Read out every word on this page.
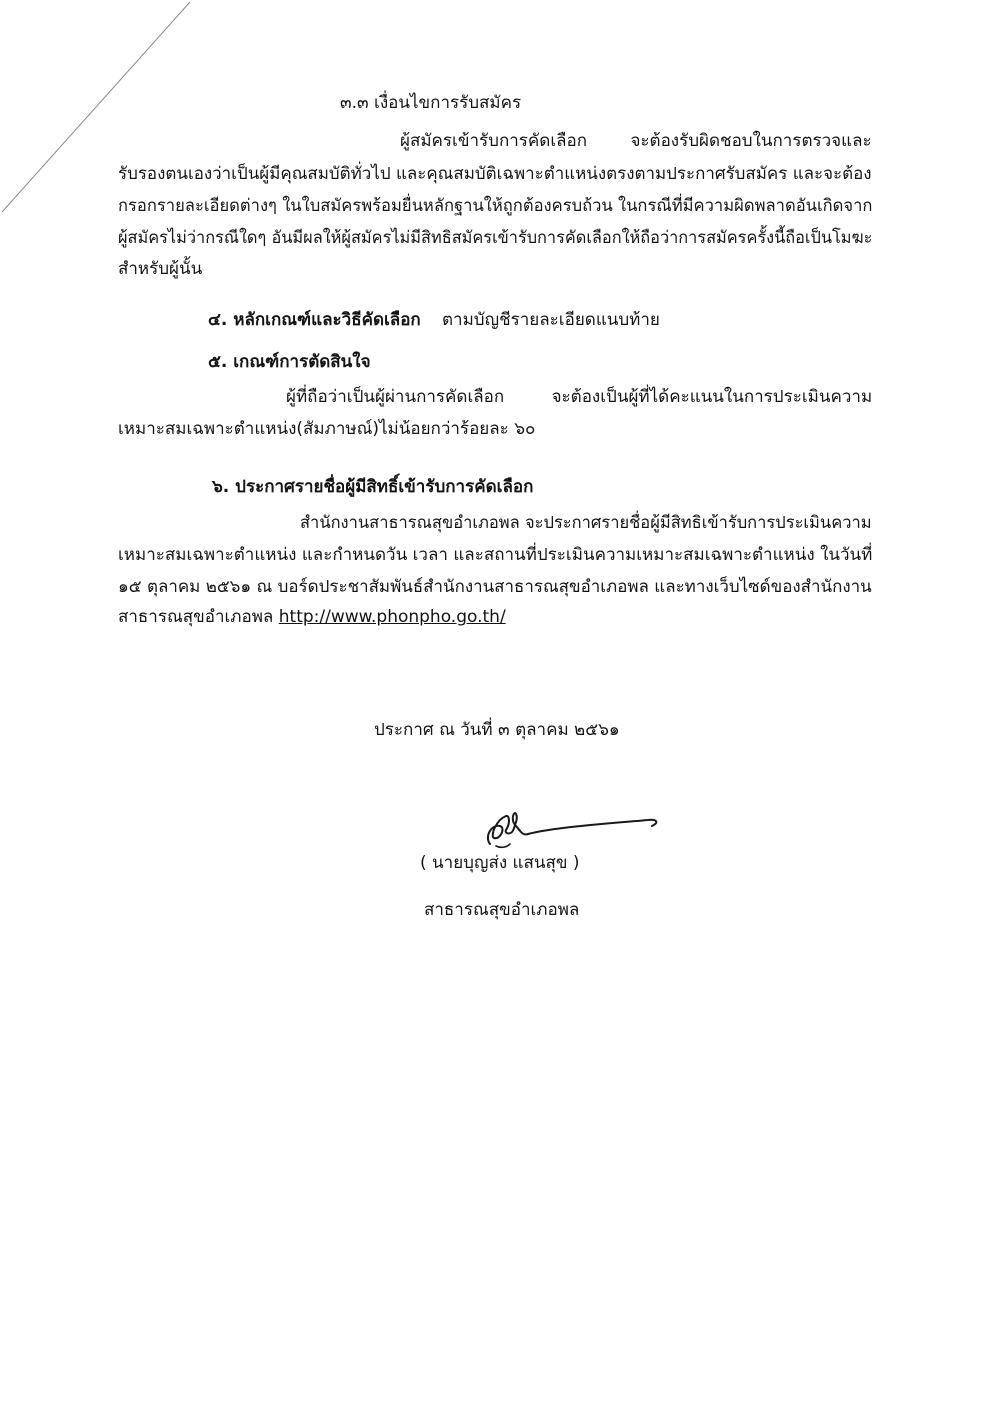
๓.๓ เงื่อนไขการรับสมัคร
ผู้สมัครเข้ารับการคัดเลือก จะต้องรับผิดชอบในการตรวจและ
รับรองตนเองว่าเป็นผู้มีคุณสมบัติทั่วไป และคุณสมบัติเฉพาะตำแหน่งตรงตามประกาศรับสมัคร และจะต้อง
กรอกรายละเอียดต่างๆ ในใบสมัครพร้อมยื่นหลักฐานให้ถูกต้องครบถ้วน ในกรณีที่มีความผิดพลาดอันเกิดจาก
ผู้สมัครไม่ว่ากรณีใดๆ อันมีผลให้ผู้สมัครไม่มีสิทธิสมัครเข้ารับการคัดเลือกให้ถือว่าการสมัครครั้งนี้ถือเป็นโมฆะ
สำหรับผู้นั้น
๔. หลักเกณฑ์และวิธีคัดเลือก ตามบัญชีรายละเอียดแนบท้าย
๕. เกณฑ์การตัดสินใจ
ผู้ที่ถือว่าเป็นผู้ผ่านการคัดเลือก จะต้องเป็นผู้ที่ได้คะแนนในการประเมินความ
เหมาะสมเฉพาะตำแหน่ง(สัมภาษณ์)ไม่น้อยกว่าร้อยละ ๖๐
๖. ประกาศรายชื่อผู้มีสิทธิ์เข้ารับการคัดเลือก
สำนักงานสาธารณสุขอำเภอพล จะประกาศรายชื่อผู้มีสิทธิเข้ารับการประเมินความ
เหมาะสมเฉพาะตำแหน่ง และกำหนดวัน เวลา และสถานที่ประเมินความเหมาะสมเฉพาะตำแหน่ง ในวันที่
๑๕ ตุลาคม ๒๕๖๑ ณ บอร์ดประชาสัมพันธ์สำนักงานสาธารณสุขอำเภอพล และทางเว็บไซด์ของสำนักงาน
สาธารณสุขอำเภอพล http://www.phonpho.go.th/
ประกาศ ณ วันที่ ๓ ตุลาคม ๒๕๖๑
( นายบุญส่ง แสนสุข )
สาธารณสุขอำเภอพล
